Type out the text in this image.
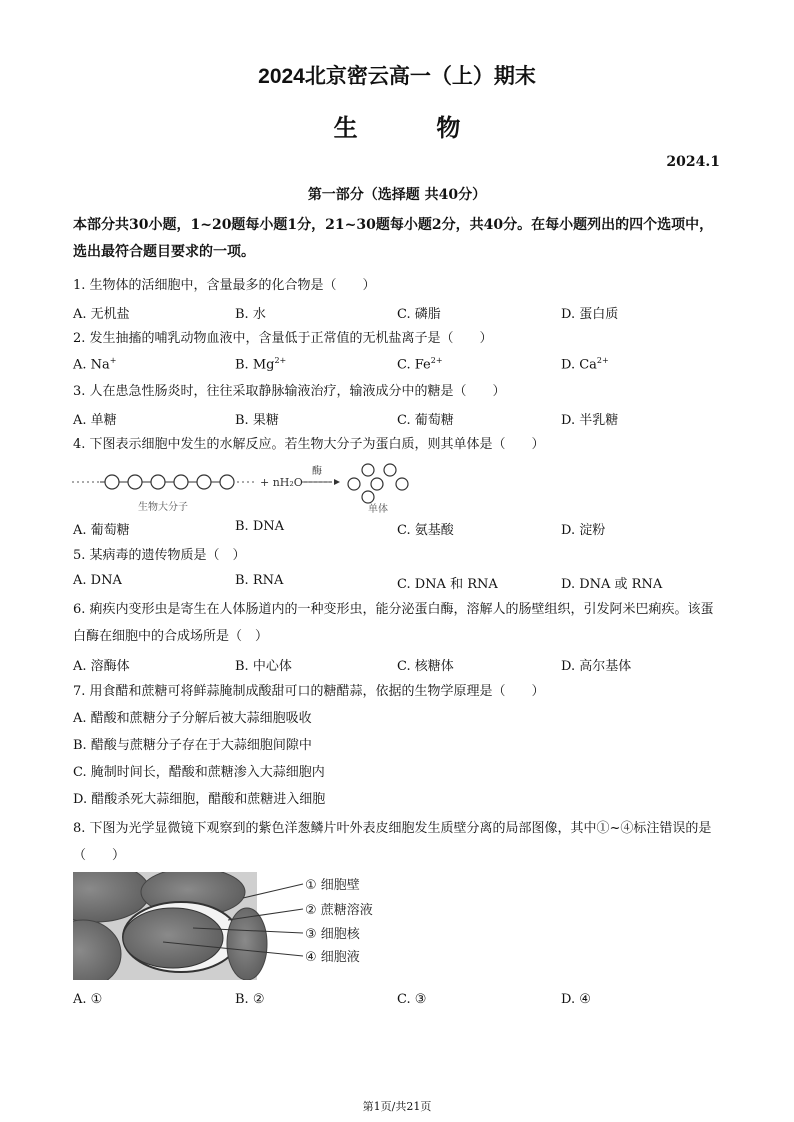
2024北京密云高一（上）期末
生 物
2024.1
第一部分（选择题 共40分）
本部分共30小题，1~20题每小题1分，21~30题每小题2分，共40分。在每小题列出的四个选项中，选出最符合题目要求的一项。
1. 生物体的活细胞中，含量最多的化合物是（　　）
A. 无机盐	B. 水	C. 磷脂	D. 蛋白质
2. 发生抽搐的哺乳动物血液中，含量低于正常值的无机盐离子是（　　）
A. Na+	B. $Mg^{2+}$	C. $Fe^{2+}$	D. $Ca^{2+}$
3. 人在患急性肠炎时，往往采取静脉输液治疗，输液成分中的糖是（　　）
A. 单糖	B. 果糖	C. 葡萄糖	D. 半乳糖
4. 下图表示细胞中发生的水解反应。若生物大分子为蛋白质，则其单体是（　　）
+ nH₂O
酶
生物大分子	单体
A. 葡萄糖	B. DNA	C. 氨基酸	D. 淀粉
5. 某病毒的遗传物质是（　）
A. DNA	B. RNA	C. DNA 和 RNA	D. DNA 或 RNA
6. 痢疾内变形虫是寄生在人体肠道内的一种变形虫，能分泌蛋白酶，溶解人的肠壁组织，引发阿米巴痢疾。该蛋白酶在细胞中的合成场所是（　）
A. 溶酶体	B. 中心体	C. 核糖体	D. 高尔基体
7. 用食醋和蔗糖可将鲜蒜腌制成酸甜可口的糖醋蒜，依据的生物学原理是（　　）
A. 醋酸和蔗糖分子分解后被大蒜细胞吸收
B. 醋酸与蔗糖分子存在于大蒜细胞间隙中
C. 腌制时间长，醋酸和蔗糖渗入大蒜细胞内
D. 醋酸杀死大蒜细胞，醋酸和蔗糖进入细胞
8. 下图为光学显微镜下观察到的紫色洋葱鳞片叶外表皮细胞发生质壁分离的局部图像，其中①~④标注错误的是（　　）
① 细胞壁
② 蔗糖溶液
③ 细胞核
④ 细胞液
A. ①	B. ②	C. ③	D. ④
第1页/共21页
